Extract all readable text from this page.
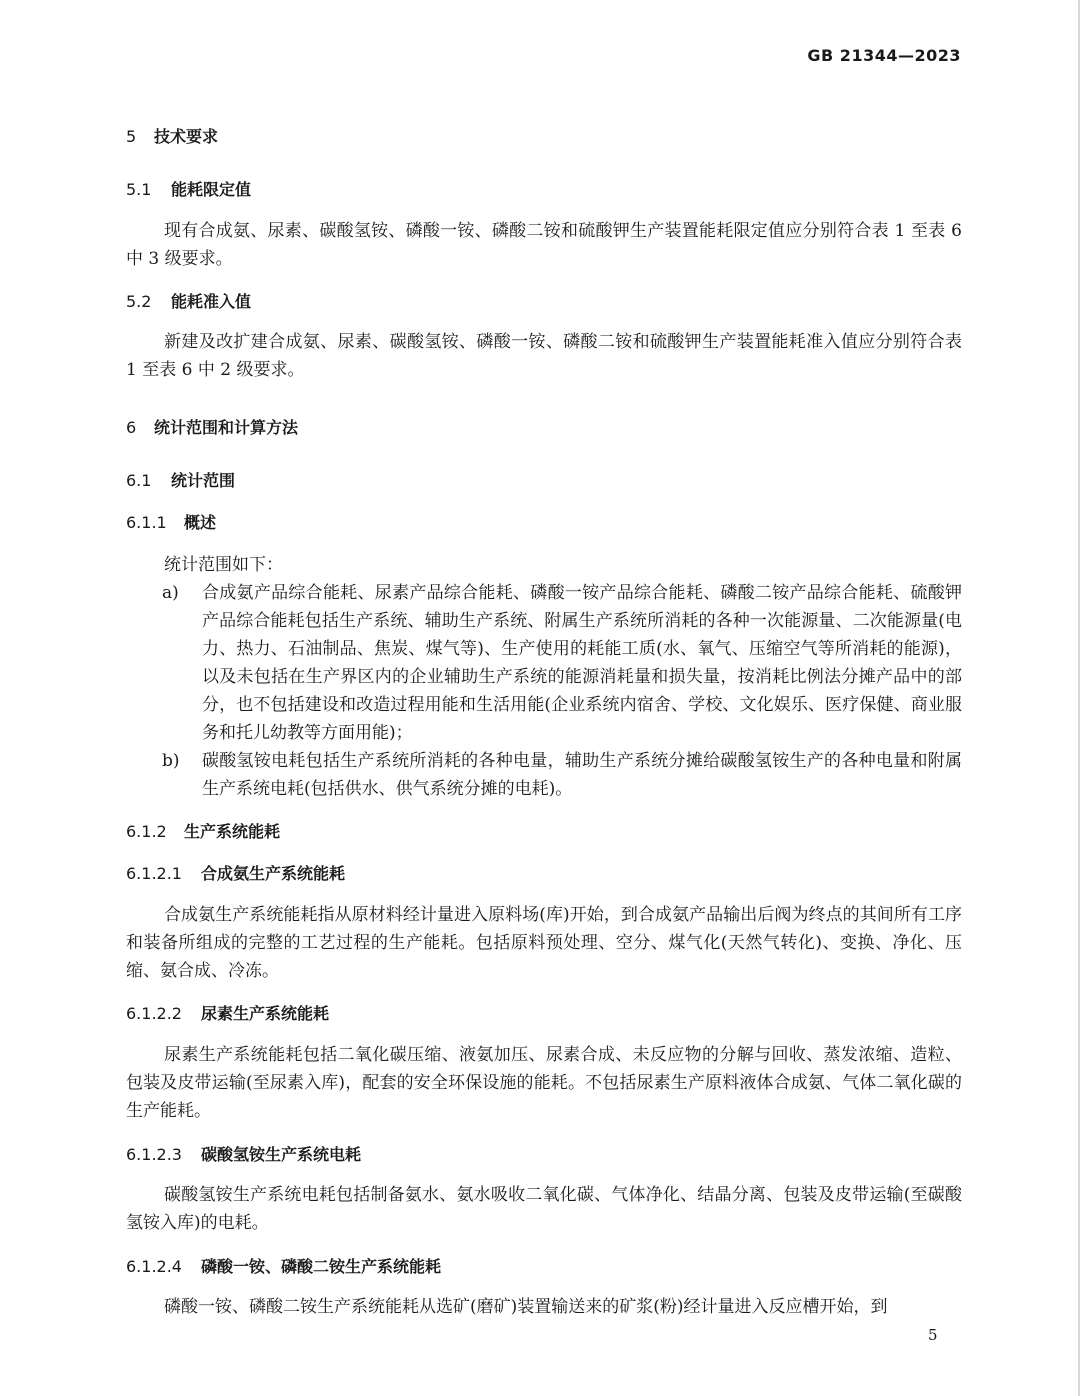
GB 21344—2023
5 技术要求
5.1 能耗限定值
现有合成氨、尿素、碳酸氢铵、磷酸一铵、磷酸二铵和硫酸钾生产装置能耗限定值应分别符合表 1 至表 6 中 3 级要求。
5.2 能耗准入值
新建及改扩建合成氨、尿素、碳酸氢铵、磷酸一铵、磷酸二铵和硫酸钾生产装置能耗准入值应分别符合表 1 至表 6 中 2 级要求。
6 统计范围和计算方法
6.1 统计范围
6.1.1 概述
统计范围如下：
a) 合成氨产品综合能耗、尿素产品综合能耗、磷酸一铵产品综合能耗、磷酸二铵产品综合能耗、硫酸钾产品综合能耗包括生产系统、辅助生产系统、附属生产系统所消耗的各种一次能源量、二次能源量(电力、热力、石油制品、焦炭、煤气等)、生产使用的耗能工质(水、氧气、压缩空气等所消耗的能源)，以及未包括在生产界区内的企业辅助生产系统的能源消耗量和损失量，按消耗比例法分摊产品中的部分，也不包括建设和改造过程用能和生活用能(企业系统内宿舍、学校、文化娱乐、医疗保健、商业服务和托儿幼教等方面用能)；
b) 碳酸氢铵电耗包括生产系统所消耗的各种电量，辅助生产系统分摊给碳酸氢铵生产的各种电量和附属生产系统电耗(包括供水、供气系统分摊的电耗)。
6.1.2 生产系统能耗
6.1.2.1 合成氨生产系统能耗
合成氨生产系统能耗指从原材料经计量进入原料场(库)开始，到合成氨产品输出后阀为终点的其间所有工序和装备所组成的完整的工艺过程的生产能耗。包括原料预处理、空分、煤气化(天然气转化)、变换、净化、压缩、氨合成、冷冻。
6.1.2.2 尿素生产系统能耗
尿素生产系统能耗包括二氧化碳压缩、液氨加压、尿素合成、未反应物的分解与回收、蒸发浓缩、造粒、包装及皮带运输(至尿素入库)，配套的安全环保设施的能耗。不包括尿素生产原料液体合成氨、气体二氧化碳的生产能耗。
6.1.2.3 碳酸氢铵生产系统电耗
碳酸氢铵生产系统电耗包括制备氨水、氨水吸收二氧化碳、气体净化、结晶分离、包装及皮带运输(至碳酸氢铵入库)的电耗。
6.1.2.4 磷酸一铵、磷酸二铵生产系统能耗
磷酸一铵、磷酸二铵生产系统能耗从选矿(磨矿)装置输送来的矿浆(粉)经计量进入反应槽开始，到
5
